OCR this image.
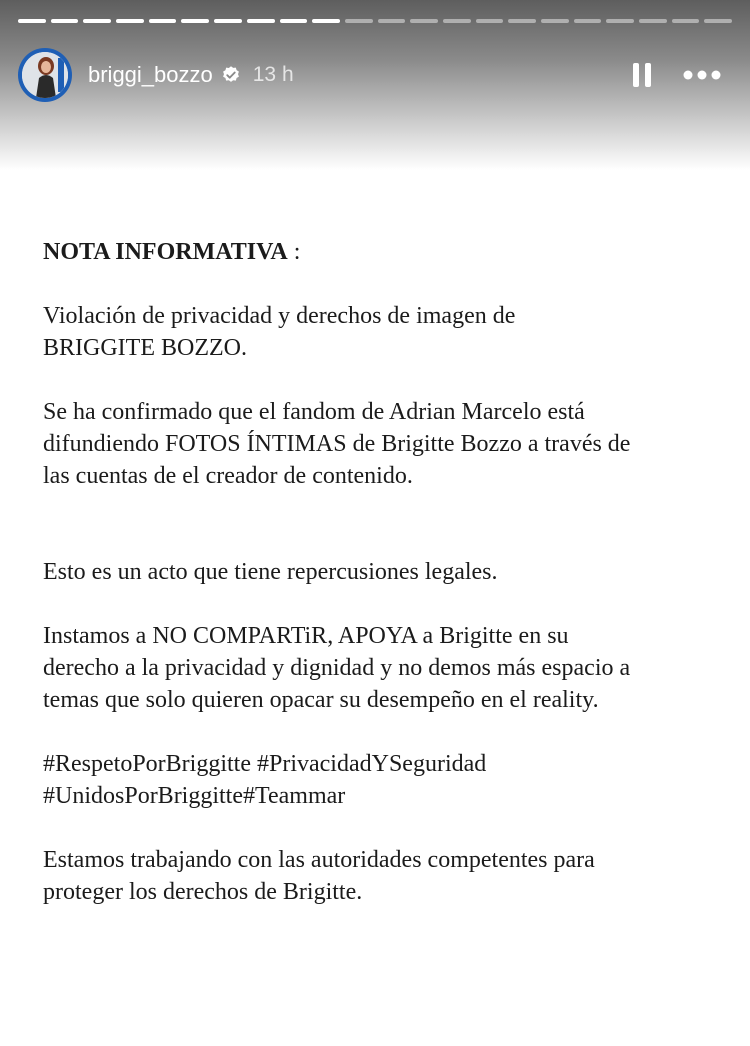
briggi_bozzo 13 h

NOTA INFORMATIVA :

Violación de privacidad y derechos de imagen de
BRIGGITE BOZZO.

Se ha confirmado que el fandom de Adrian Marcelo está
difundiendo FOTOS ÍNTIMAS de Brigitte Bozzo a través de
las cuentas de el creador de contenido.

Esto es un acto que tiene repercusiones legales.

Instamos a NO COMPARTiR, APOYA a Brigitte en su
derecho a la privacidad y dignidad y no demos más espacio a
temas que solo quieren opacar su desempeño en el reality.

#RespetoPorBriggitte #PrivacidadYSeguridad
#UnidosPorBriggitte#Teammar

Estamos trabajando con las autoridades competentes para
proteger los derechos de Brigitte.
